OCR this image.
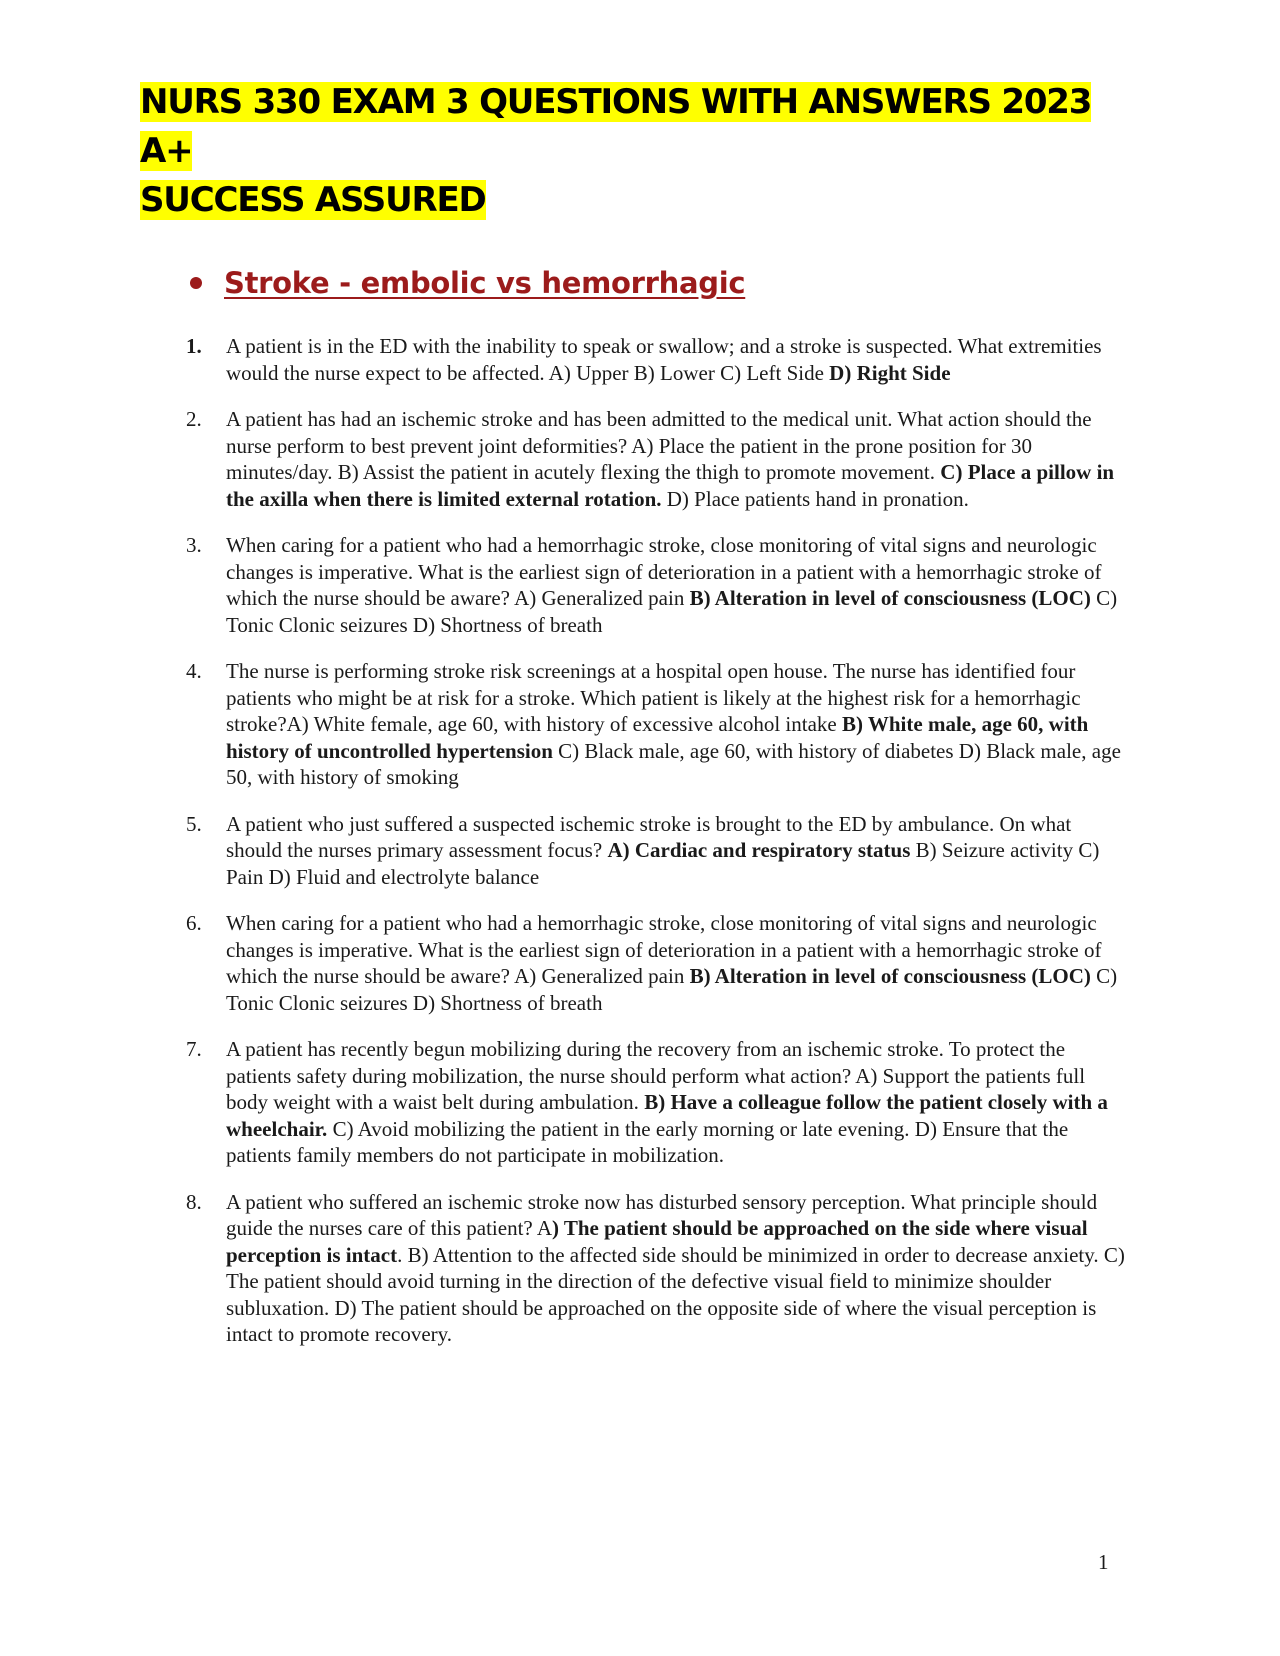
NURS 330 EXAM 3 QUESTIONS WITH ANSWERS 2023 A+
SUCCESS ASSURED
Stroke - embolic vs hemorrhagic
1.	A patient is in the ED with the inability to speak or swallow; and a stroke is suspected. What extremities would the nurse expect to be affected. A) Upper B) Lower C) Left Side D) Right Side
2.	A patient has had an ischemic stroke and has been admitted to the medical unit. What action should the nurse perform to best prevent joint deformities? A) Place the patient in the prone position for 30 minutes/day. B) Assist the patient in acutely flexing the thigh to promote movement. C) Place a pillow in the axilla when there is limited external rotation. D) Place patients hand in pronation.
3.	When caring for a patient who had a hemorrhagic stroke, close monitoring of vital signs and neurologic changes is imperative. What is the earliest sign of deterioration in a patient with a hemorrhagic stroke of which the nurse should be aware? A) Generalized pain B) Alteration in level of consciousness (LOC) C) Tonic Clonic seizures D) Shortness of breath
4.	The nurse is performing stroke risk screenings at a hospital open house. The nurse has identified four patients who might be at risk for a stroke. Which patient is likely at the highest risk for a hemorrhagic stroke?A) White female, age 60, with history of excessive alcohol intake B) White male, age 60, with history of uncontrolled hypertension C) Black male, age 60, with history of diabetes D) Black male, age 50, with history of smoking
5.	A patient who just suffered a suspected ischemic stroke is brought to the ED by ambulance. On what should the nurses primary assessment focus? A) Cardiac and respiratory status B) Seizure activity C) Pain D) Fluid and electrolyte balance
6.	When caring for a patient who had a hemorrhagic stroke, close monitoring of vital signs and neurologic changes is imperative. What is the earliest sign of deterioration in a patient with a hemorrhagic stroke of which the nurse should be aware? A) Generalized pain B) Alteration in level of consciousness (LOC) C) Tonic Clonic seizures D) Shortness of breath
7.	A patient has recently begun mobilizing during the recovery from an ischemic stroke. To protect the patients safety during mobilization, the nurse should perform what action? A) Support the patients full body weight with a waist belt during ambulation. B) Have a colleague follow the patient closely with a wheelchair. C) Avoid mobilizing the patient in the early morning or late evening. D) Ensure that the patients family members do not participate in mobilization.
8.	A patient who suffered an ischemic stroke now has disturbed sensory perception. What principle should guide the nurses care of this patient? A) The patient should be approached on the side where visual perception is intact. B) Attention to the affected side should be minimized in order to decrease anxiety. C) The patient should avoid turning in the direction of the defective visual field to minimize shoulder subluxation. D) The patient should be approached on the opposite side of where the visual perception is intact to promote recovery.
1
